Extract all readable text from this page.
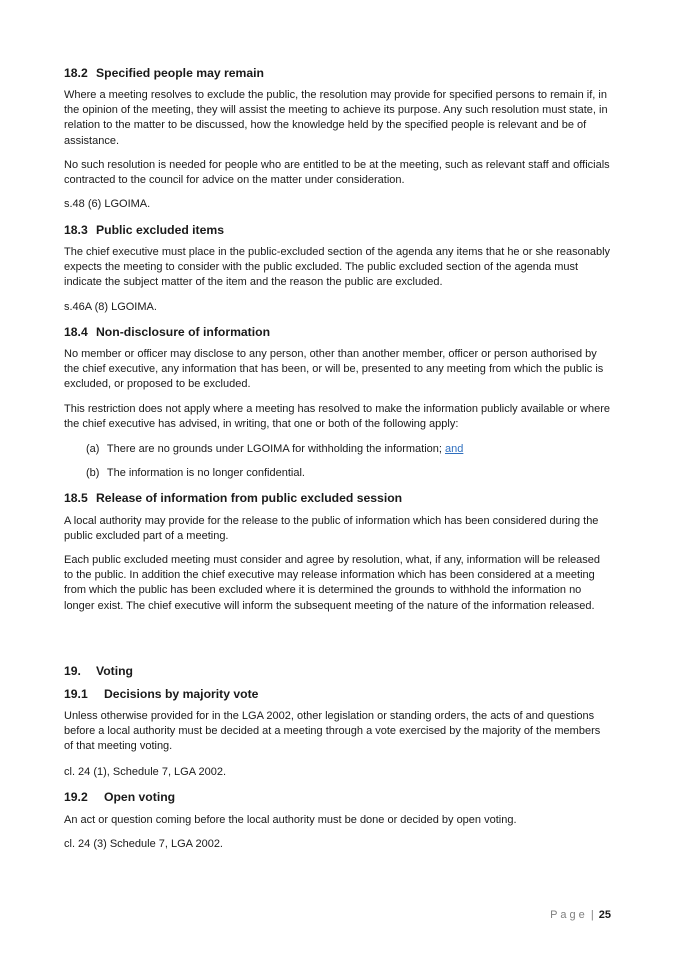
18.2 Specified people may remain

Where a meeting resolves to exclude the public, the resolution may provide for specified persons to remain if, in the opinion of the meeting, they will assist the meeting to achieve its purpose. Any such resolution must state, in relation to the matter to be discussed, how the knowledge held by the specified people is relevant and be of assistance.

No such resolution is needed for people who are entitled to be at the meeting, such as relevant staff and officials contracted to the council for advice on the matter under consideration.

s.48 (6) LGOIMA.

18.3 Public excluded items

The chief executive must place in the public-excluded section of the agenda any items that he or she reasonably expects the meeting to consider with the public excluded. The public excluded section of the agenda must indicate the subject matter of the item and the reason the public are excluded.

s.46A (8) LGOIMA.

18.4 Non-disclosure of information

No member or officer may disclose to any person, other than another member, officer or person authorised by the chief executive, any information that has been, or will be, presented to any meeting from which the public is excluded, or proposed to be excluded.

This restriction does not apply where a meeting has resolved to make the information publicly available or where the chief executive has advised, in writing, that one or both of the following apply:

(a) There are no grounds under LGOIMA for withholding the information; and
(b) The information is no longer confidential.
18.5 Release of information from public excluded session

A local authority may provide for the release to the public of information which has been considered during the public excluded part of a meeting.

Each public excluded meeting must consider and agree by resolution, what, if any, information will be released to the public. In addition the chief executive may release information which has been considered at a meeting from which the public has been excluded where it is determined the grounds to withhold the information no longer exist. The chief executive will inform the subsequent meeting of the nature of the information released.

19. Voting
19.1 Decisions by majority vote

Unless otherwise provided for in the LGA 2002, other legislation or standing orders, the acts of and questions before a local authority must be decided at a meeting through a vote exercised by the majority of the members of that meeting voting.

cl. 24 (1), Schedule 7, LGA 2002.

19.2 Open voting

An act or question coming before the local authority must be done or decided by open voting.

cl. 24 (3) Schedule 7, LGA 2002.

Page | 25
